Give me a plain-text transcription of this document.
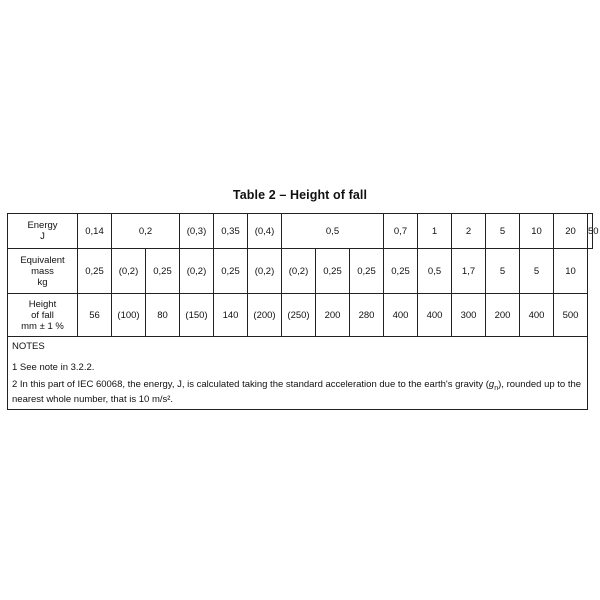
Table 2 – Height of fall
Energy
J	0,14	0,2		(0,3)	0,35	(0,4)	0,5			0,7	1	2	5	10	20	50

Equivalent
mass
kg	0,25	(0,2)	0,25	(0,2)	0,25	(0,2)	(0,2)	0,25	0,25	0,25	0,5	1,7	5	5	10	

Height
of fall
mm ± 1 %	56	(100)	80	(150)	140	(200)	(250)	200	280	400	400	300	200	400	500	

NOTES

1 See note in 3.2.2.

2 In this part of IEC 60068, the energy, J, is calculated taking the standard acceleration due to the earth's gravity $(g_n)$, rounded up to the nearest whole number, that is 10 m/s².																
